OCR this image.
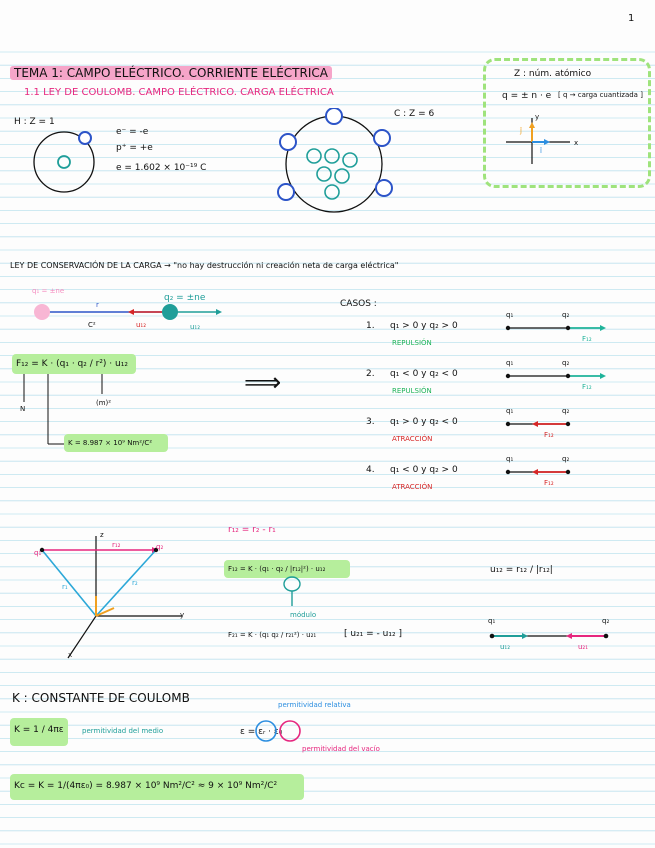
1
TEMA 1: CAMPO ELÉCTRICO. CORRIENTE ELÉCTRICA
1.1 LEY DE COULOMB. CAMPO ELÉCTRICO. CARGA ELÉCTRICA
Z : núm. atómico
q = ± n · e [ q → carga cuantizada ]
ĵ
î
x
y
H : Z = 1
e⁻ = -e
p⁺ = +e
e = 1.602 × 10⁻¹⁹ C
C : Z = 6
LEY DE CONSERVACIÓN DE LA CARGA → "no hay destrucción ni creación neta de carga eléctrica"
q₁ = ±ne
q₂ = ±ne
r
u₁₂	u₁₂
C²
F₁₂ = K · (q₁ · q₂ / r²) · u₁₂
N
(m)²
K = 8.987 × 10⁹ Nm²/C²
⟹
CASOS :
1. q₁ > 0 y q₂ > 0
REPULSIÓN
q₁	q₂
F₁₂
2. q₁ < 0 y q₂ < 0
REPULSIÓN
q₁	q₂
F₁₂
3. q₁ > 0 y q₂ < 0
ATRACCIÓN
q₁	q₂
F₁₂
4. q₁ < 0 y q₂ > 0
ATRACCIÓN
q₁	q₂
F₁₂
r₁₂ = r₂ - r₁
q₁
q₂
z
y
x
r₁	r₂
r₁₂
F₁₂ = K · (q₁ · q₂ / |r₁₂|²) · u₁₂
módulo
F₂₁ = K · (q₁ q₂ / r₂₁²) · u₂₁	[ u₂₁ = - u₁₂ ]
u₁₂ = r₁₂ / |r₁₂|
q₁	q₂
u₁₂	u₂₁
K : CONSTANTE DE COULOMB
K = 1 / 4πε	permitividad del medio	ε = εᵣ · ε₀
permitividad relativa
permitividad del vacío
Kc = K = 1/(4πε₀) = 8.987 × 10⁹ Nm²/C² ≈ 9 × 10⁹ Nm²/C²
